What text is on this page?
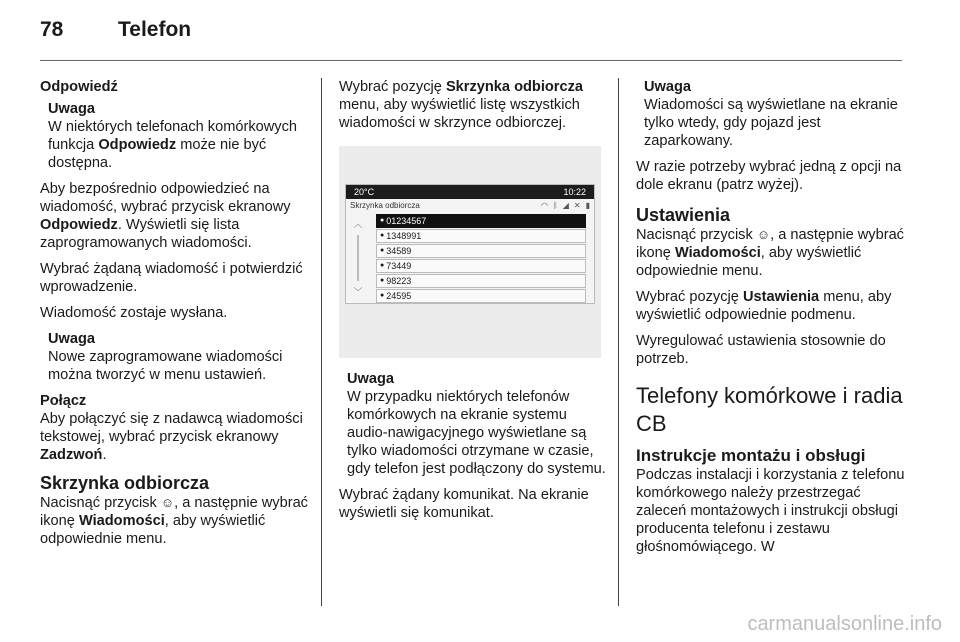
78	Telefon
Odpowiedź
Uwaga
W niektórych telefonach komórkowych funkcja Odpowiedz może nie być dostępna.

Aby bezpośrednio odpowiedzieć na wiadomość, wybrać przycisk ekranowy Odpowiedz. Wyświetli się lista zaprogramowanych wiadomości.

Wybrać żądaną wiadomość i potwierdzić wprowadzenie.

Wiadomość zostaje wysłana.

Uwaga
Nowe zaprogramowane wiadomości można tworzyć w menu ustawień.
Połącz

Aby połączyć się z nadawcą wiadomości tekstowej, wybrać przycisk ekranowy Zadzwoń.

Skrzynka odbiorcza

Nacisnąć przycisk ☺, a następnie wybrać ikonę Wiadomości, aby wyświetlić odpowiednie menu.

Wybrać pozycję Skrzynka odbiorcza menu, aby wyświetlić listę wszystkich wiadomości w skrzynce odbiorczej.

20°C	10:22
Skrzynka odbiorcza	◠ ᛒ ◢ ✕ ▮
︿
﹀
● 01234567
● 1348991
● 34589
● 73449
● 98223
● 24595
Uwaga
W przypadku niektórych telefonów komórkowych na ekranie systemu audio-nawigacyjnego wyświetlane są tylko wiadomości otrzymane w czasie, gdy telefon jest podłączony do systemu.

Wybrać żądany komunikat. Na ekranie wyświetli się komunikat.

Uwaga
Wiadomości są wyświetlane na ekranie tylko wtedy, gdy pojazd jest zaparkowany.

W razie potrzeby wybrać jedną z opcji na dole ekranu (patrz wyżej).

Ustawienia

Nacisnąć przycisk ☺, a następnie wybrać ikonę Wiadomości, aby wyświetlić odpowiednie menu.

Wybrać pozycję Ustawienia menu, aby wyświetlić odpowiednie podmenu.

Wyregulować ustawienia stosownie do potrzeb.

Telefony komórkowe i radia CB
Instrukcje montażu i obsługi

Podczas instalacji i korzystania z telefonu komórkowego należy przestrzegać zaleceń montażowych i instrukcji obsługi producenta telefonu i zestawu głośnomówiącego. W

carmanualsonline.info
